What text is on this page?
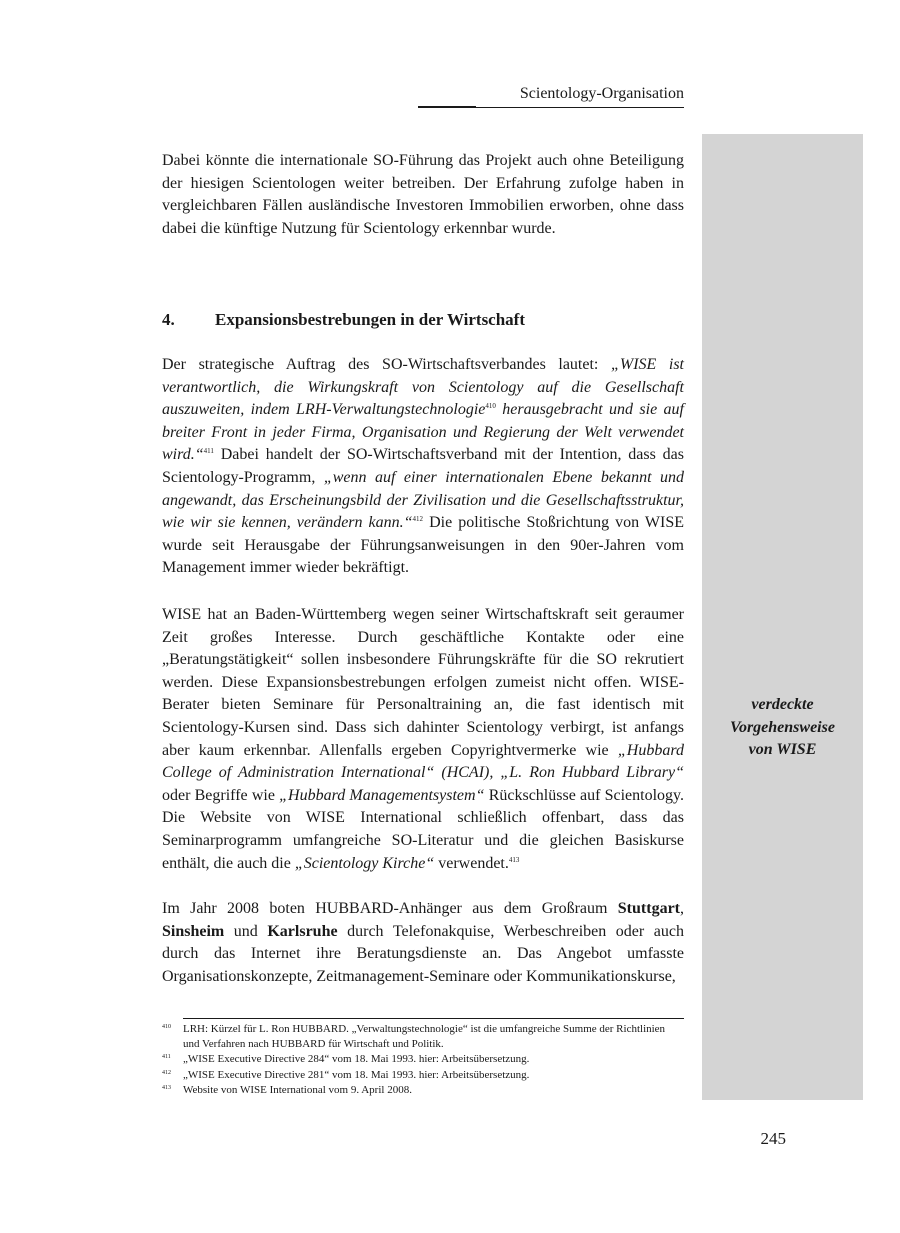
Scientology-Organisation
verdeckte
Vorgehensweise
von WISE

Dabei könnte die internationale SO-Führung das Projekt auch ohne Beteiligung der hiesigen Scientologen weiter betreiben. Der Erfahrung zufolge haben in vergleichbaren Fällen ausländische Investoren Immobilien erworben, ohne dass dabei die künftige Nutzung für Scientology erkennbar wurde.

4. Expansionsbestrebungen in der Wirtschaft

Der strategische Auftrag des SO-Wirtschaftsverbandes lautet: „WISE ist verantwortlich, die Wirkungskraft von Scientology auf die Gesellschaft auszuweiten, indem LRH-Verwaltungstechnologie$^{410}$ herausgebracht und sie auf breiter Front in jeder Firma, Organisation und Regierung der Welt verwendet wird.“$^{411}$ Dabei handelt der SO-Wirtschaftsverband mit der Intention, dass das Scientology-Programm, „wenn auf einer internationalen Ebene bekannt und angewandt, das Erscheinungsbild der Zivilisation und die Gesellschaftsstruktur, wie wir sie kennen, verändern kann.“$^{412}$ Die politische Stoßrichtung von WISE wurde seit Herausgabe der Führungsanweisungen in den 90er-Jahren vom Management immer wieder bekräftigt.

WISE hat an Baden-Württemberg wegen seiner Wirtschaftskraft seit geraumer Zeit großes Interesse. Durch geschäftliche Kontakte oder eine „Beratungstätigkeit“ sollen insbesondere Führungskräfte für die SO rekrutiert werden. Diese Expansionsbestrebungen erfolgen zumeist nicht offen. WISE-Berater bieten Seminare für Personaltraining an, die fast identisch mit Scientology-Kursen sind. Dass sich dahinter Scientology verbirgt, ist anfangs aber kaum erkennbar. Allenfalls ergeben Copyrightvermerke wie „Hubbard College of Administration International“ (HCAI), „L. Ron Hubbard Library“ oder Begriffe wie „Hubbard Managementsystem“ Rückschlüsse auf Scientology. Die Website von WISE International schließlich offenbart, dass das Seminarprogramm umfangreiche SO-Literatur und die gleichen Basiskurse enthält, die auch die „Scientology Kirche“ verwendet.$^{413}$

Im Jahr 2008 boten HUBBARD-Anhänger aus dem Großraum Stuttgart, Sinsheim und Karlsruhe durch Telefonakquise, Werbeschreiben oder auch durch das Internet ihre Beratungsdienste an. Das Angebot umfasste Organisationskonzepte, Zeitmanagement-Seminare oder Kommunikationskurse,

410 LRH: Kürzel für L. Ron HUBBARD. „Verwaltungstechnologie“ ist die umfangreiche Summe der Richtlinien und Verfahren nach HUBBARD für Wirtschaft und Politik.
411 „WISE Executive Directive 284“ vom 18. Mai 1993. hier: Arbeitsübersetzung.
412 „WISE Executive Directive 281“ vom 18. Mai 1993. hier: Arbeitsübersetzung.
413 Website von WISE International vom 9. April 2008.
245
